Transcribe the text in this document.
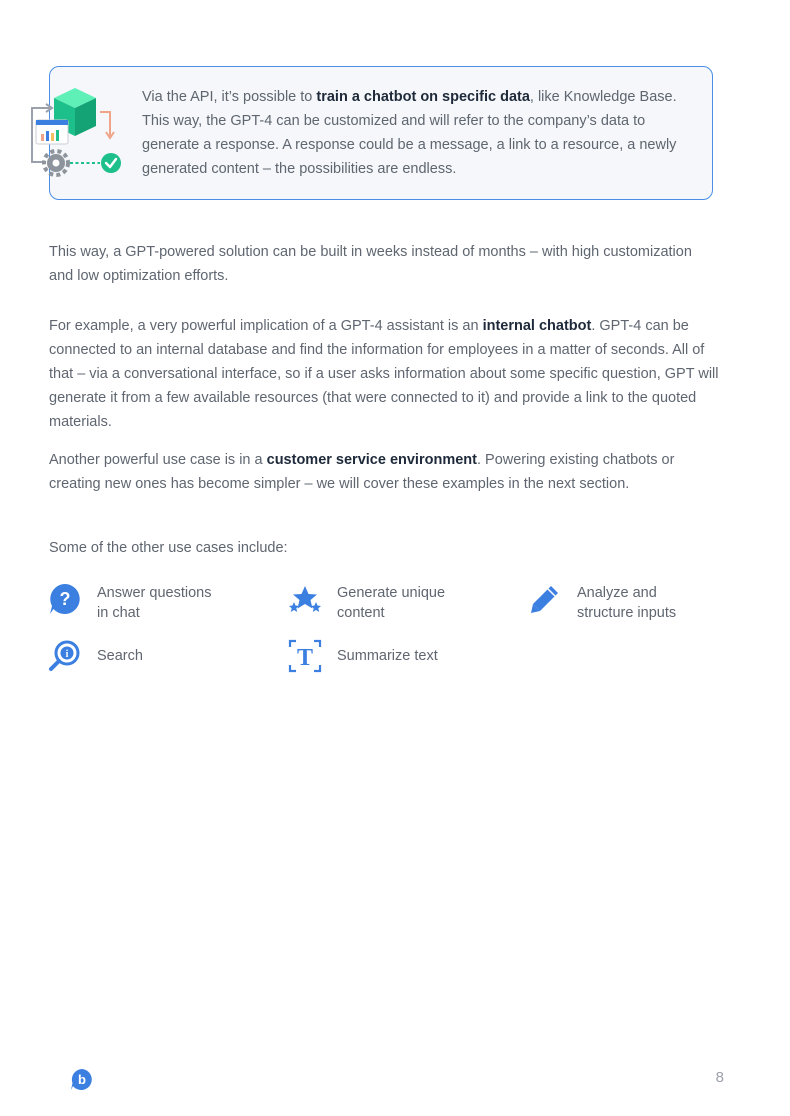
Via the API, it’s possible to train a chatbot on specific data, like Knowledge Base. This way, the GPT-4 can be customized and will refer to the company’s data to generate a response. A response could be a message, a link to a resource, a newly generated content – the possibilities are endless.

This way, a GPT-powered solution can be built in weeks instead of months – with high customization and low optimization efforts.

For example, a very powerful implication of a GPT-4 assistant is an internal chatbot. GPT-4 can be connected to an internal database and find the information for employees in a matter of seconds. All of that – via a conversational interface, so if a user asks information about some specific question, GPT will generate it from a few available resources (that were connected to it) and provide a link to the quoted materials.

Another powerful use case is in a customer service environment. Powering existing chatbots or creating new ones has become simpler – we will cover these examples in the next section.

Some of the other use cases include:

? Answer questions
in chat
Generate unique
content
Analyze and
structure inputs
i Search	T Summarize text
b	8
